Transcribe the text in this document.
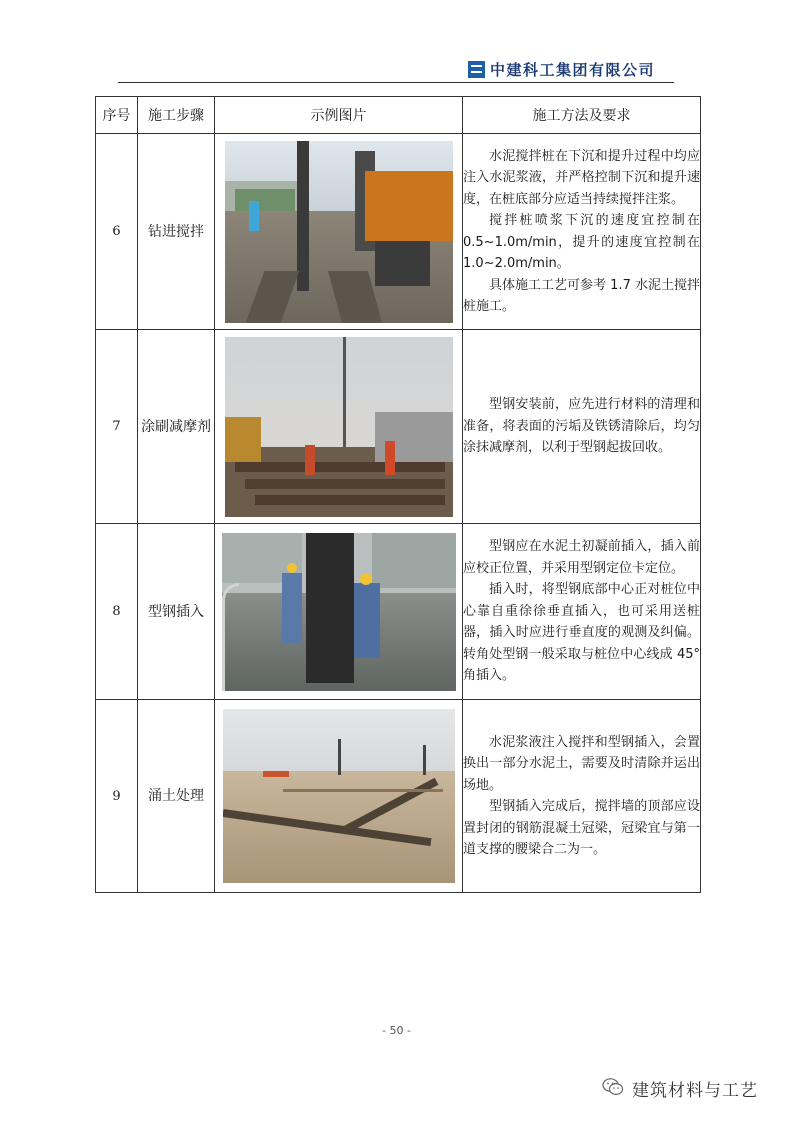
中建科工集团有限公司
序号	施工步骤	示例图片	施工方法及要求
6	钻进搅拌		水泥搅拌桩在下沉和提升过程中均应注入水泥浆液，并严格控制下沉和提升速度，在桩底部分应适当持续搅拌注浆。

搅拌桩喷浆下沉的速度宜控制在 0.5~1.0m/min，提升的速度宜控制在 1.0~2.0m/min。

具体施工工艺可参考 1.7 水泥土搅拌桩施工。

7	涂刷减摩剂		型钢安装前，应先进行材料的清理和准备，将表面的污垢及铁锈清除后，均匀涂抹减摩剂，以利于型钢起拔回收。

8	型钢插入		型钢应在水泥土初凝前插入，插入前应校正位置，并采用型钢定位卡定位。

插入时，将型钢底部中心正对桩位中心靠自重徐徐垂直插入，也可采用送桩器，插入时应进行垂直度的观测及纠偏。转角处型钢一般采取与桩位中心线成 45°角插入。

9	涌土处理		水泥浆液注入搅拌和型钢插入，会置换出一部分水泥土，需要及时清除并运出场地。

型钢插入完成后，搅拌墙的顶部应设置封闭的钢筋混凝土冠梁，冠梁宜与第一道支撑的腰梁合二为一。

- 50 -
建筑材料与工艺
